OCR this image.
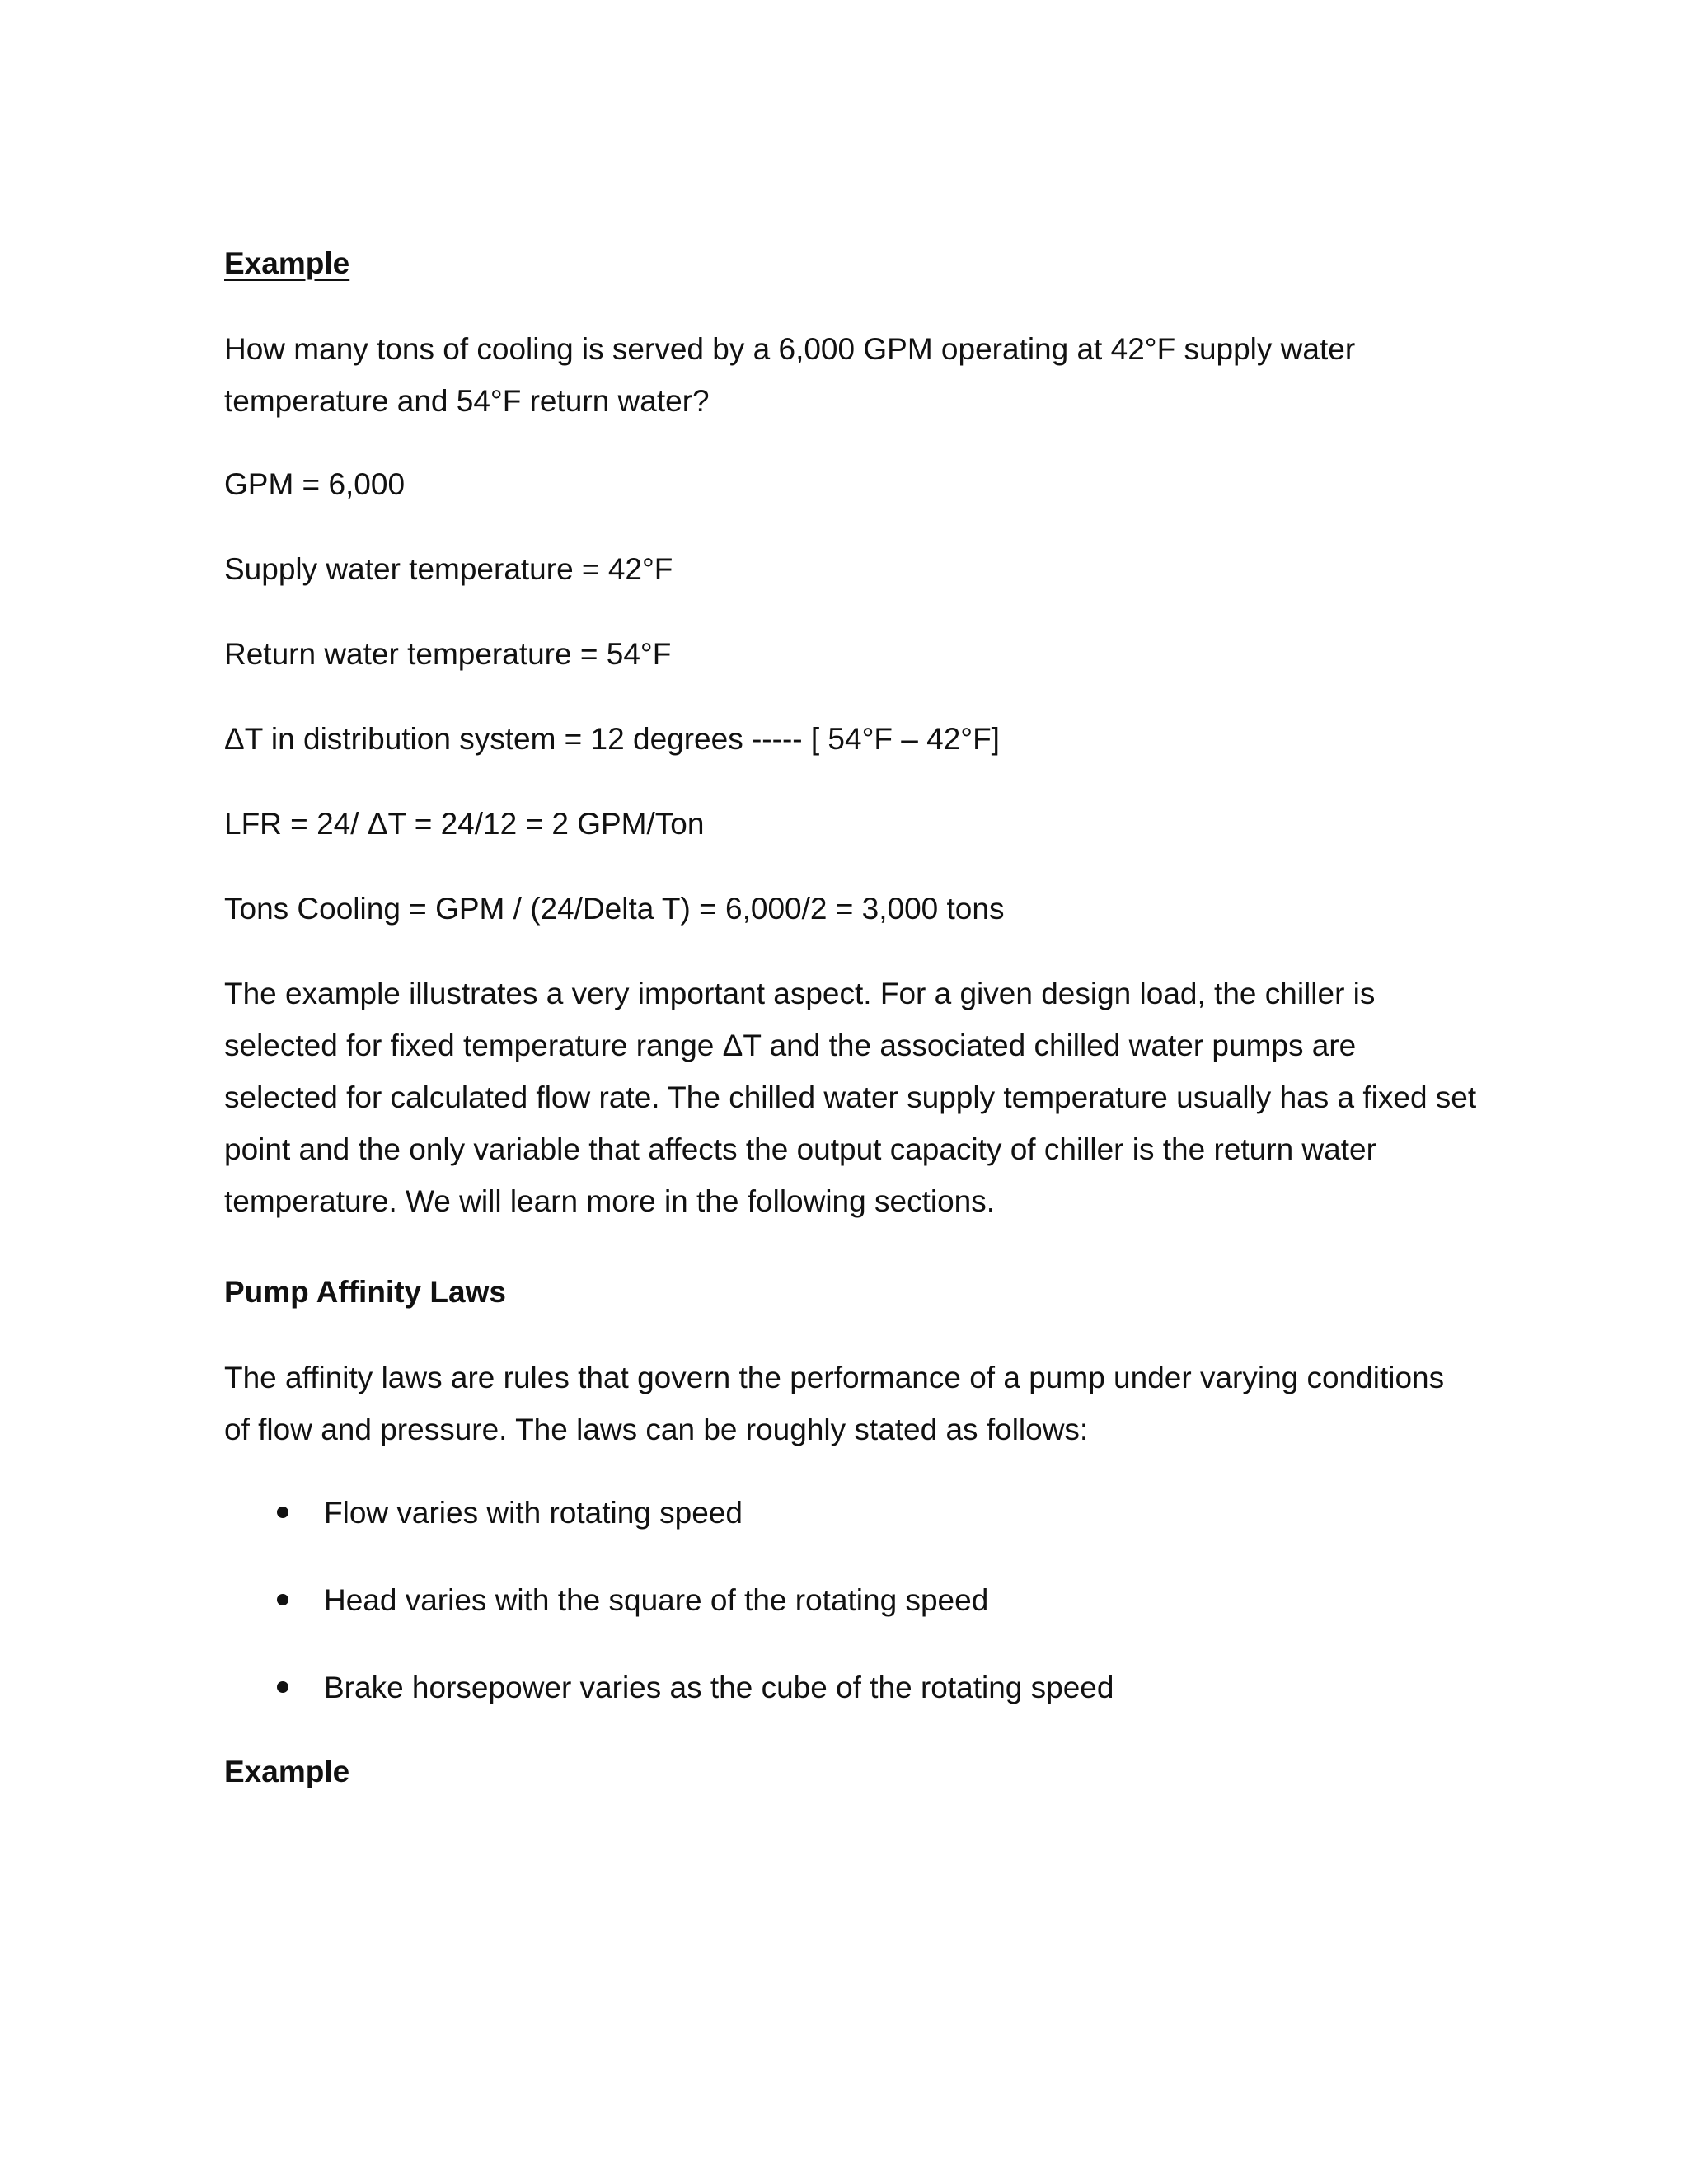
Example

How many tons of cooling is served by a 6,000 GPM operating at 42°F supply water temperature and 54°F return water?

GPM = 6,000

Supply water temperature = 42°F

Return water temperature = 54°F

ΔT in distribution system = 12 degrees ----- [ 54°F – 42°F]

LFR = 24/ ΔT = 24/12 = 2 GPM/Ton

Tons Cooling = GPM / (24/Delta T) = 6,000/2 = 3,000 tons

The example illustrates a very important aspect. For a given design load, the chiller is selected for fixed temperature range ΔT and the associated chilled water pumps are selected for calculated flow rate. The chilled water supply temperature usually has a fixed set point and the only variable that affects the output capacity of chiller is the return water temperature. We will learn more in the following sections.

Pump Affinity Laws

The affinity laws are rules that govern the performance of a pump under varying conditions of flow and pressure. The laws can be roughly stated as follows:

Flow varies with rotating speed
Head varies with the square of the rotating speed
Brake horsepower varies as the cube of the rotating speed

Example
